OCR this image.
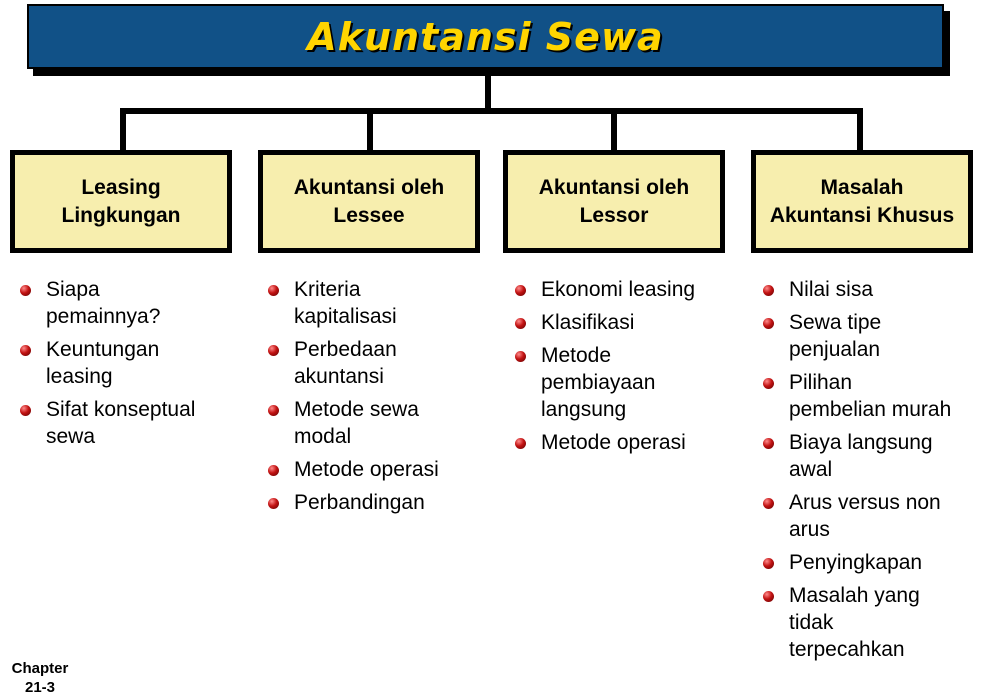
Akuntansi Sewa
Leasing
Lingkungan
Akuntansi oleh
Lessee
Akuntansi oleh
Lessor
Masalah
Akuntansi Khusus
Siapa
pemainnya?
Keuntungan
leasing
Sifat konseptual
sewa
Kriteria
kapitalisasi
Perbedaan
akuntansi
Metode sewa
modal
Metode operasi
Perbandingan
Ekonomi leasing
Klasifikasi
Metode
pembiayaan
langsung
Metode operasi
Nilai sisa
Sewa tipe
penjualan
Pilihan
pembelian murah
Biaya langsung
awal
Arus versus non
arus
Penyingkapan
Masalah yang
tidak
terpecahkan
Chapter
21-3
